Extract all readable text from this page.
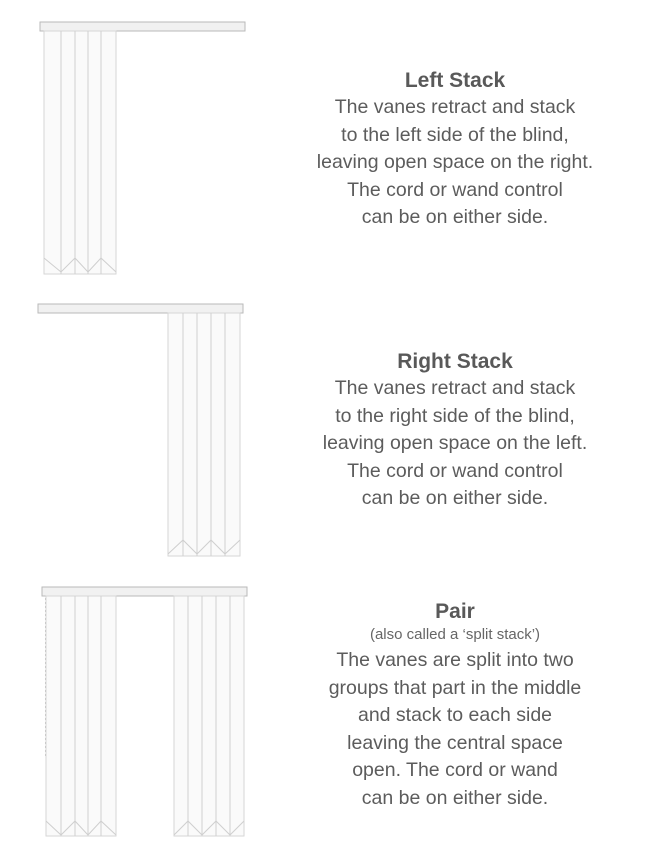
Left Stack
The vanes retract and stack
to the left side of the blind,
leaving open space on the right.
The cord or wand control
can be on either side.
Right Stack
The vanes retract and stack
to the right side of the blind,
leaving open space on the left.
The cord or wand control
can be on either side.
Pair
(also called a ‘split stack’)
The vanes are split into two
groups that part in the middle
and stack to each side
leaving the central space
open. The cord or wand
can be on either side.
